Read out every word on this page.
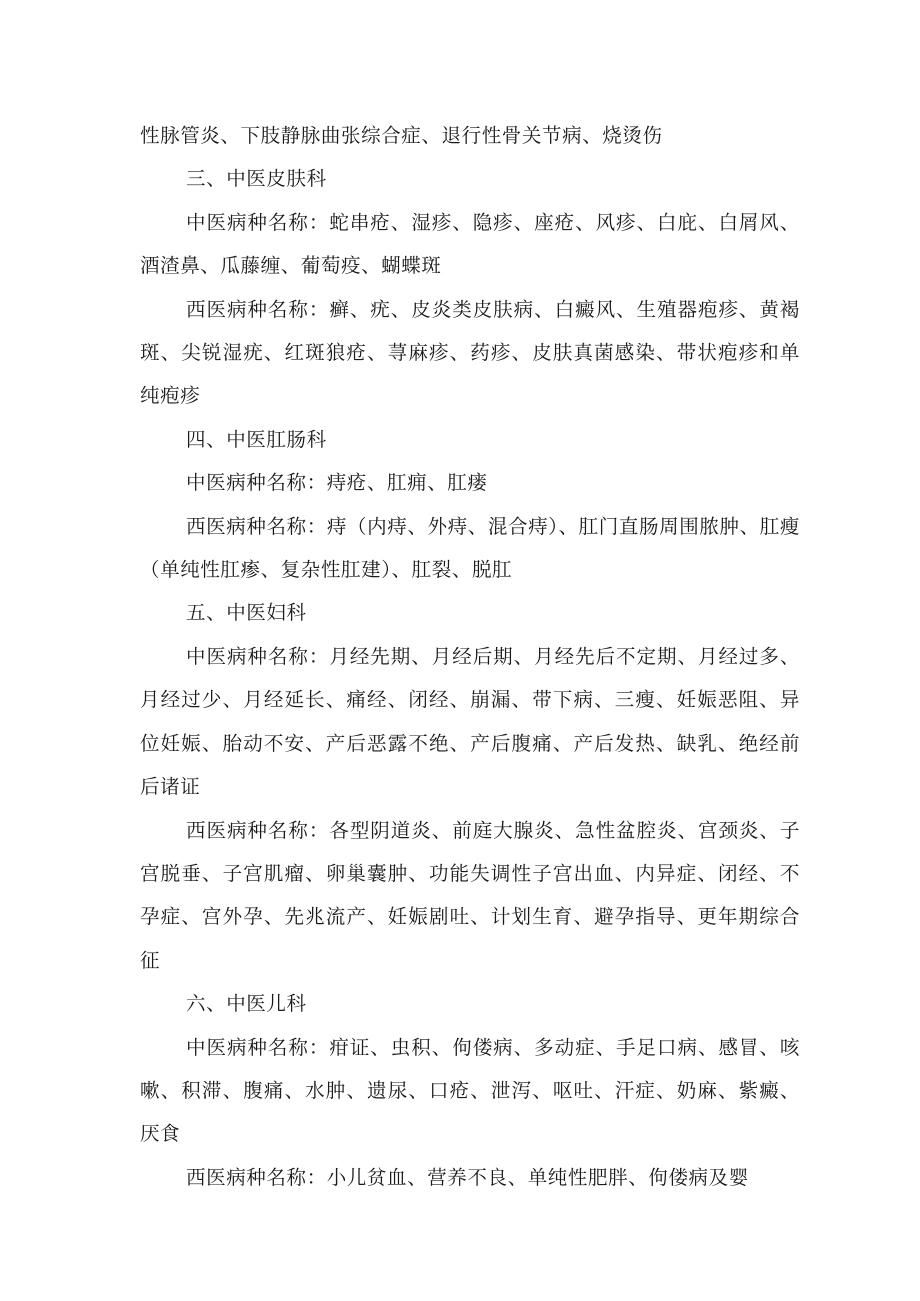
性脉管炎、下肢静脉曲张综合症、退行性骨关节病、烧烫伤

三、中医皮肤科

中医病种名称：蛇串疮、湿疹、隐疹、座疮、风疹、白庇、白屑风、酒渣鼻、瓜藤缠、葡萄疫、蝴蝶斑

西医病种名称：癣、疣、皮炎类皮肤病、白癜风、生殖器疱疹、黄褐斑、尖锐湿疣、红斑狼疮、荨麻疹、药疹、皮肤真菌感染、带状疱疹和单纯疱疹

四、中医肛肠科

中医病种名称：痔疮、肛痈、肛瘘

西医病种名称：痔（内痔、外痔、混合痔）、肛门直肠周围脓肿、肛瘦（单纯性肛瘆、复杂性肛建）、肛裂、脱肛

五、中医妇科

中医病种名称：月经先期、月经后期、月经先后不定期、月经过多、月经过少、月经延长、痛经、闭经、崩漏、带下病、三瘦、妊娠恶阻、异位妊娠、胎动不安、产后恶露不绝、产后腹痛、产后发热、缺乳、绝经前后诸证

西医病种名称：各型阴道炎、前庭大腺炎、急性盆腔炎、宫颈炎、子宫脱垂、子宫肌瘤、卵巢囊肿、功能失调性子宫出血、内异症、闭经、不孕症、宫外孕、先兆流产、妊娠剧吐、计划生育、避孕指导、更年期综合征

六、中医儿科

中医病种名称：疳证、虫积、佝偻病、多动症、手足口病、感冒、咳嗽、积滞、腹痛、水肿、遗尿、口疮、泄泻、呕吐、汗症、奶麻、紫癜、厌食

西医病种名称：小儿贫血、营养不良、单纯性肥胖、佝偻病及婴
